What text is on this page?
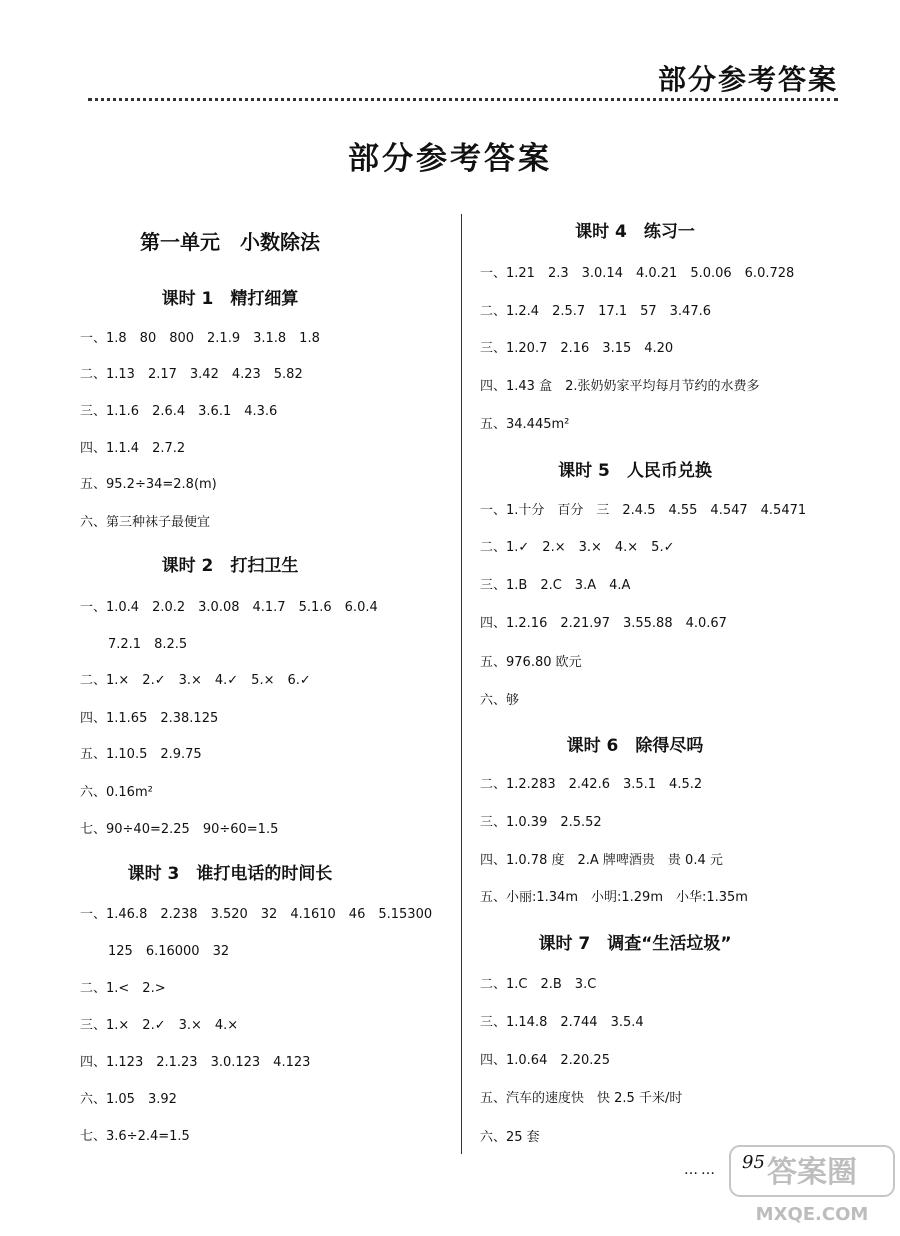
部分参考答案
部分参考答案
第一单元　小数除法
课时 1　精打细算
一、1.8　80　800　2.1.9　3.1.8　1.8
二、1.13　2.17　3.42　4.23　5.82
三、1.1.6　2.6.4　3.6.1　4.3.6
四、1.1.4　2.7.2
五、95.2÷34=2.8(m)
六、第三种袜子最便宜
课时 2　打扫卫生
一、1.0.4　2.0.2　3.0.08　4.1.7　5.1.6　6.0.4
7.2.1　8.2.5
二、1.×　2.✓　3.×　4.✓　5.×　6.✓
四、1.1.65　2.38.125
五、1.10.5　2.9.75
六、0.16m²
七、90÷40=2.25　90÷60=1.5
课时 3　谁打电话的时间长
一、1.46.8　2.238　3.520　32　4.1610　46　5.15300
125　6.16000　32
二、1.<　2.>
三、1.×　2.✓　3.×　4.×
四、1.123　2.1.23　3.0.123　4.123
六、1.05　3.92
七、3.6÷2.4=1.5
课时 4　练习一
一、1.21　2.3　3.0.14　4.0.21　5.0.06　6.0.728
二、1.2.4　2.5.7　17.1　57　3.47.6
三、1.20.7　2.16　3.15　4.20
四、1.43 盒　2.张奶奶家平均每月节约的水费多
五、34.445m²
课时 5　人民币兑换
一、1.十分　百分　三　2.4.5　4.55　4.547　4.5471
二、1.✓　2.×　3.×　4.×　5.✓
三、1.B　2.C　3.A　4.A
四、1.2.16　2.21.97　3.55.88　4.0.67
五、976.80 欧元
六、够
课时 6　除得尽吗
二、1.2.28̇3　2.42.6̇　3.5.1̇　4.5.2̇
三、1.0.39　2.5.52
四、1.0.78 度　2.A 牌啤酒贵　贵 0.4 元
五、小丽:1.34m　小明:1.29m　小华:1.35m
课时 7　调查“生活垃圾”
二、1.C　2.B　3.C
三、1.14.8　2.744　3.5.4
四、1.0.64　2.20.25
五、汽车的速度快　快 2.5 千米/时
六、25 套
…… 95 答案圈
MXQE.COM
